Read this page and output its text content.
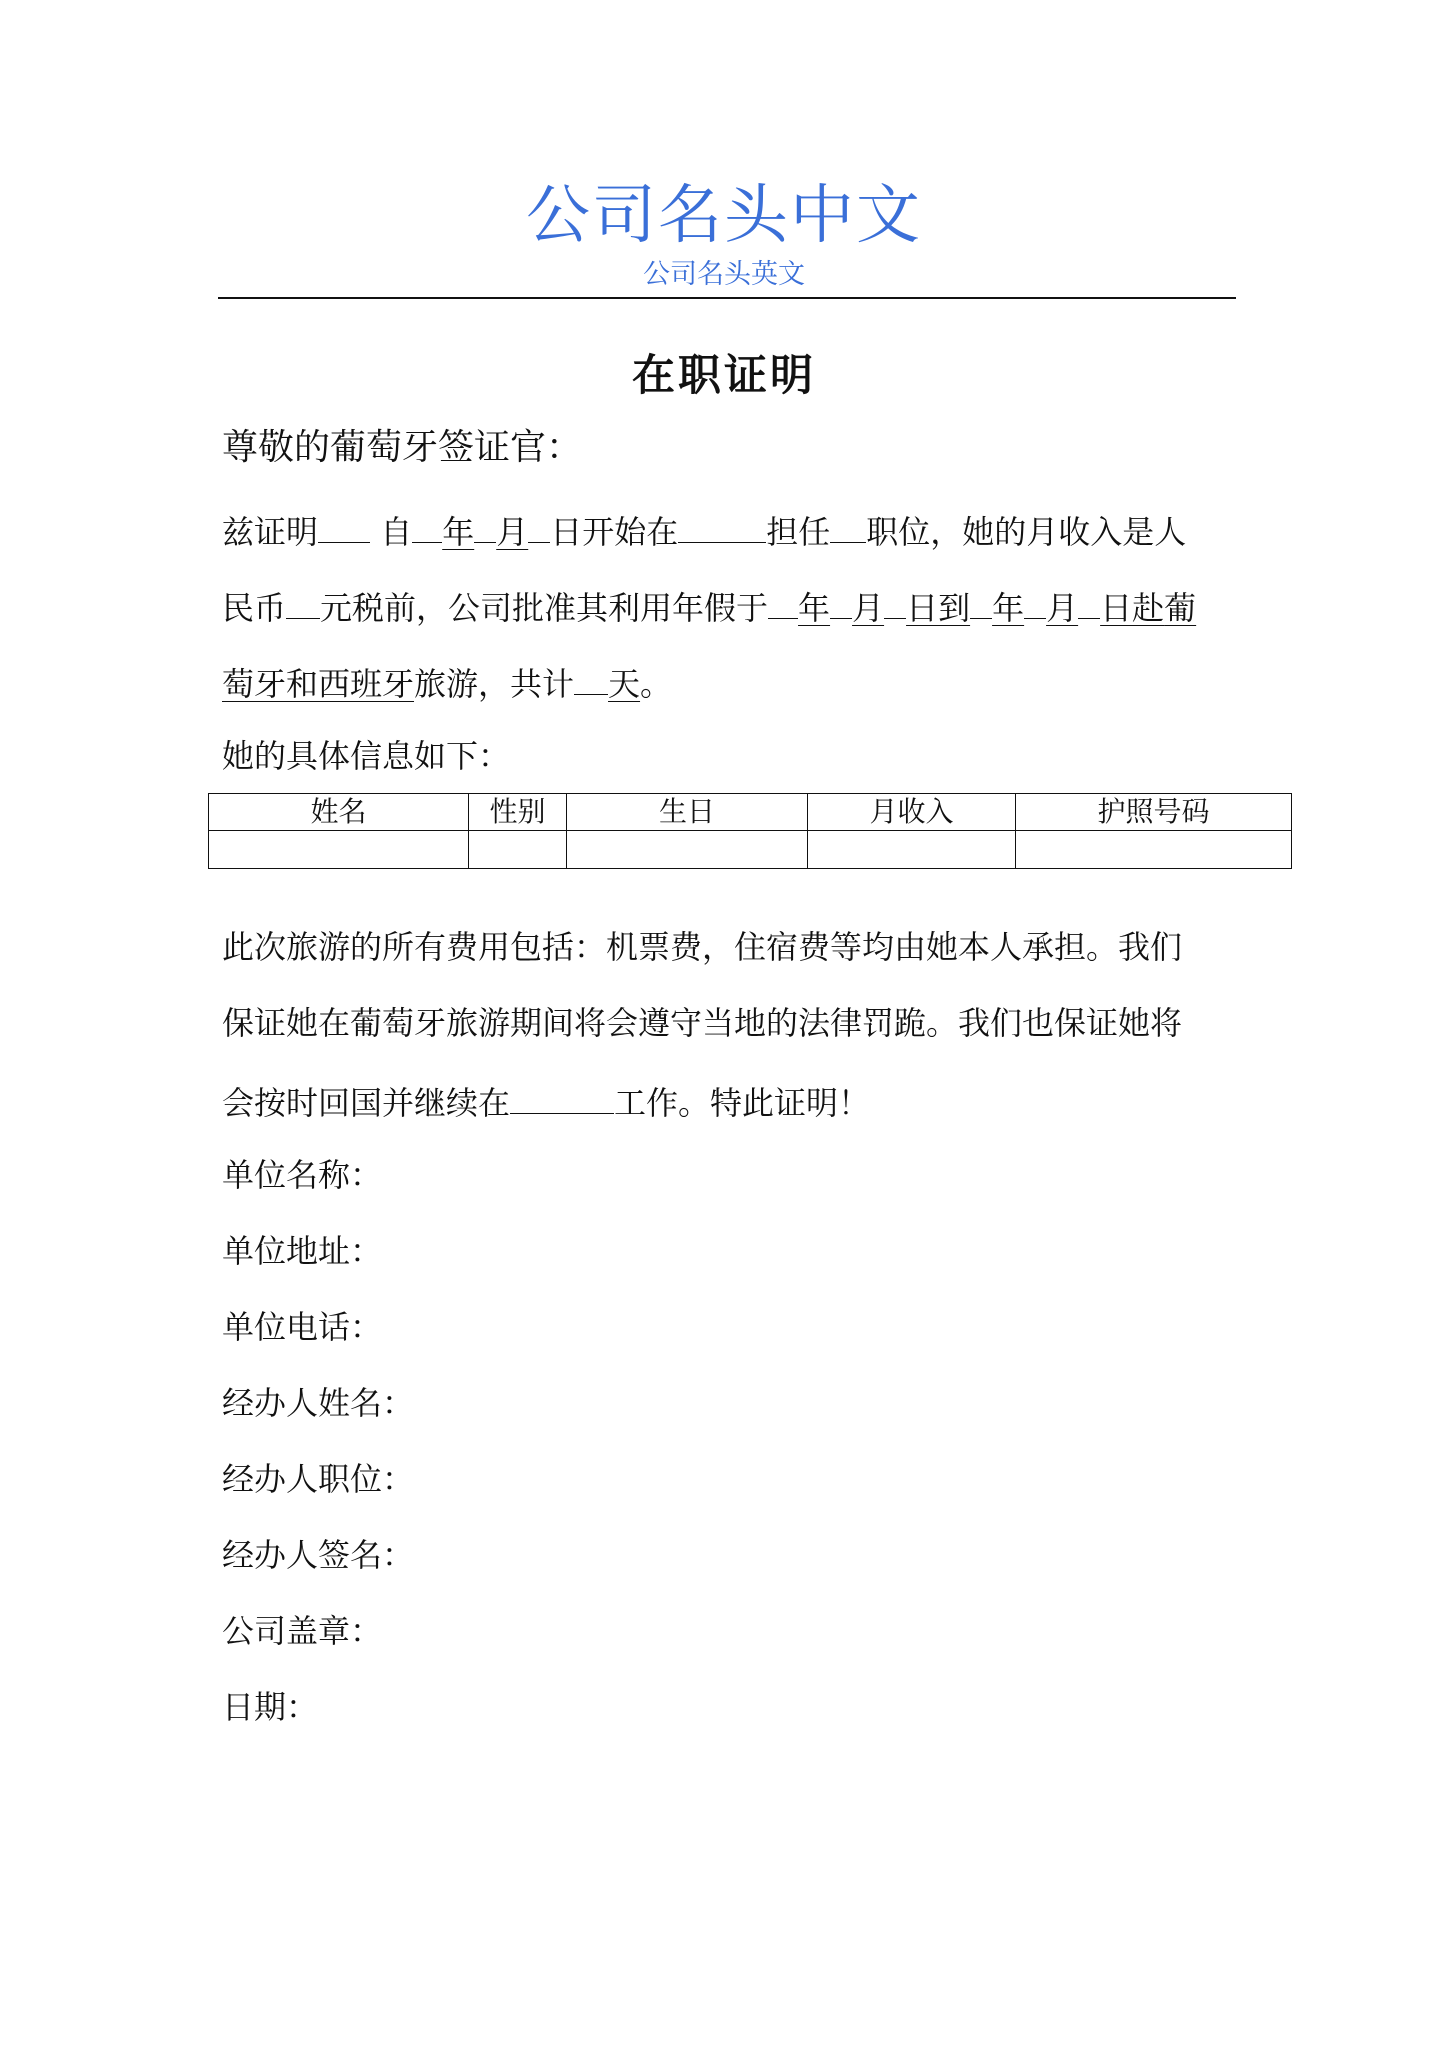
公司名头中文
公司名头英文
在职证明
尊敬的葡萄牙签证官：
兹证明 自 年 月 日开始在	担任 职位，她的月收入是人
民币 元税前，公司批准其利用年假于 年 月 日到 年 月 日赴葡
萄牙和西班牙旅游，共计 天。
她的具体信息如下：
姓名	性别	生日	月收入	护照号码

此次旅游的所有费用包括：机票费，住宿费等均由她本人承担。我们
保证她在葡萄牙旅游期间将会遵守当地的法律罚跪。我们也保证她将
会按时回国并继续在	工作。特此证明！
单位名称：
单位地址：
单位电话：
经办人姓名：
经办人职位：
经办人签名：
公司盖章：
日期：
